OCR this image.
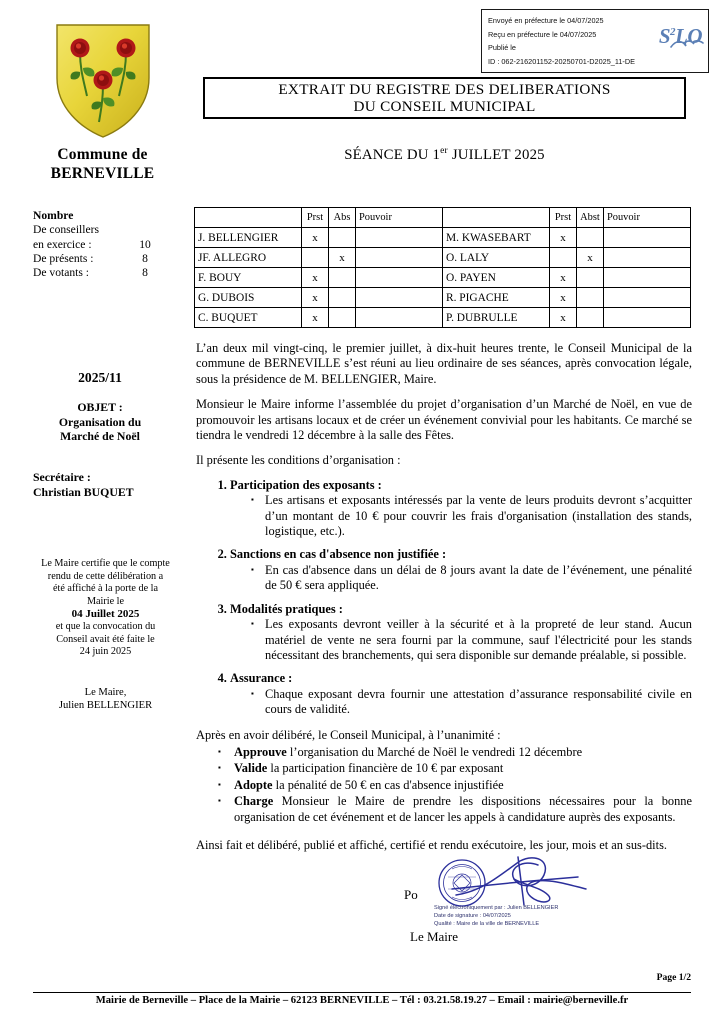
Envoyé en préfecture le 04/07/2025
Reçu en préfecture le 04/07/2025
Publié le
ID : 062-216201152-20250701-D2025_11-DE
$S^2LO$
Commune de
BERNEVILLE
EXTRAIT DU REGISTRE DES DELIBERATIONS
DU CONSEIL MUNICIPAL
SÉANCE DU 1er JUILLET 2025
Nombre
De conseillers
en exercice :	10
De présents :	8
De votants :	8
2025/11
OBJET :
Organisation du
Marché de Noël
Secrétaire :
Christian BUQUET
Le Maire certifie que le compte
rendu de cette délibération a
été affiché à la porte de la
Mairie le
04 Juillet 2025
et que la convocation du
Conseil avait été faite le
24 juin 2025
Le Maire,
Julien BELLENGIER
	Prst	Abs	Pouvoir		Prst	Abst	Pouvoir
J. BELLENGIER	x			M. KWASEBART	x		
JF. ALLEGRO		x		O. LALY		x	
F. BOUY	x			O. PAYEN	x		
G. DUBOIS	x			R. PIGACHE	x		
C. BUQUET	x			P. DUBRULLE	x		

L’an deux mil vingt-cinq, le premier juillet, à dix-huit heures trente, le Conseil Municipal de la commune de BERNEVILLE s’est réuni au lieu ordinaire de ses séances, après convocation légale, sous la présidence de M. BELLENGIER, Maire.

Monsieur le Maire informe l’assemblée du projet d’organisation d’un Marché de Noël, en vue de promouvoir les artisans locaux et de créer un événement convivial pour les habitants. Ce marché se tiendra le vendredi 12 décembre à la salle des Fêtes.

Il présente les conditions d’organisation :

1. Participation des exposants :
▪ Les artisans et exposants intéressés par la vente de leurs produits devront s’acquitter d’un montant de 10 € pour couvrir les frais d'organisation (installation des stands, logistique, etc.).
2. Sanctions en cas d'absence non justifiée :
▪ En cas d'absence dans un délai de 8 jours avant la date de l’événement, une pénalité de 50 € sera appliquée.
3. Modalités pratiques :
▪ Les exposants devront veiller à la sécurité et à la propreté de leur stand. Aucun matériel de vente ne sera fourni par la commune, sauf l'électricité pour les stands nécessitant des branchements, qui sera disponible sur demande préalable, si possible.
4. Assurance :
▪ Chaque exposant devra fournir une attestation d’assurance responsabilité civile en cours de validité.

Après en avoir délibéré, le Conseil Municipal, à l’unanimité :

▪ Approuve l’organisation du Marché de Noël le vendredi 12 décembre
▪ Valide la participation financière de 10 € par exposant
▪ Adopte la pénalité de 50 € en cas d'absence injustifiée
▪ Charge Monsieur le Maire de prendre les dispositions nécessaires pour la bonne organisation de cet événement et de lancer les appels à candidature auprès des exposants.

Ainsi fait et délibéré, publié et affiché, certifié et rendu exécutoire, les jour, mois et an sus-dits.

Po
Signé électroniquement par : Julien BELLENGIER
Date de signature : 04/07/2025
Qualité : Maire de la ville de BERNEVILLE
Le Maire
Page 1/2
Mairie de Berneville – Place de la Mairie – 62123 BERNEVILLE – Tél : 03.21.58.19.27 – Email : mairie@berneville.fr
